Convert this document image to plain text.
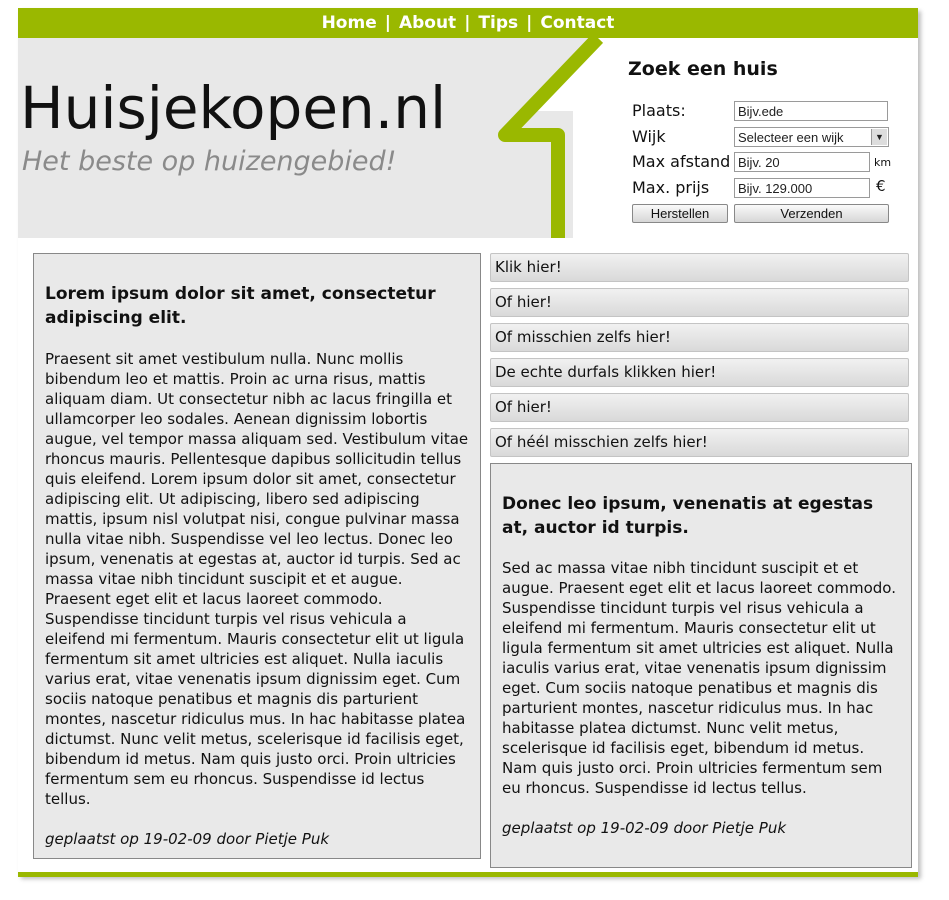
Home | About | Tips | Contact
Huisjekopen.nl
Het beste op huizengebied!
Zoek een huis
Plaats:	Bijv.ede
Wijk	Selecteer een wijk	▼
Max afstand Bijv. 20	km
Max. prijs	Bijv. 129.000	€
Herstellen	Verzenden
Lorem ipsum dolor sit amet, consectetur adipiscing elit.

Praesent sit amet vestibulum nulla. Nunc mollis bibendum leo et mattis. Proin ac urna risus, mattis aliquam diam. Ut consectetur nibh ac lacus fringilla et ullamcorper leo sodales. Aenean dignissim lobortis augue, vel tempor massa aliquam sed. Vestibulum vitae rhoncus mauris. Pellentesque dapibus sollicitudin tellus quis eleifend. Lorem ipsum dolor sit amet, consectetur adipiscing elit. Ut adipiscing, libero sed adipiscing mattis, ipsum nisl volutpat nisi, congue pulvinar massa nulla vitae nibh. Suspendisse vel leo lectus. Donec leo ipsum, venenatis at egestas at, auctor id turpis. Sed ac massa vitae nibh tincidunt suscipit et et augue. Praesent eget elit et lacus laoreet commodo. Suspendisse tincidunt turpis vel risus vehicula a eleifend mi fermentum. Mauris consectetur elit ut ligula fermentum sit amet ultricies est aliquet. Nulla iaculis varius erat, vitae venenatis ipsum dignissim eget. Cum sociis natoque penatibus et magnis dis parturient montes, nascetur ridiculus mus. In hac habitasse platea dictumst. Nunc velit metus, scelerisque id facilisis eget, bibendum id metus. Nam quis justo orci. Proin ultricies fermentum sem eu rhoncus. Suspendisse id lectus tellus.

geplaatst op 19-02-09 door Pietje Puk

Klik hier!
Of hier!
Of misschien zelfs hier!
De echte durfals klikken hier!
Of hier!
Of héél misschien zelfs hier!
Donec leo ipsum, venenatis at egestas at, auctor id turpis.

Sed ac massa vitae nibh tincidunt suscipit et et augue. Praesent eget elit et lacus laoreet commodo. Suspendisse tincidunt turpis vel risus vehicula a eleifend mi fermentum. Mauris consectetur elit ut ligula fermentum sit amet ultricies est aliquet. Nulla iaculis varius erat, vitae venenatis ipsum dignissim eget. Cum sociis natoque penatibus et magnis dis parturient montes, nascetur ridiculus mus. In hac habitasse platea dictumst. Nunc velit metus, scelerisque id facilisis eget, bibendum id metus. Nam quis justo orci. Proin ultricies fermentum sem eu rhoncus. Suspendisse id lectus tellus.

geplaatst op 19-02-09 door Pietje Puk
